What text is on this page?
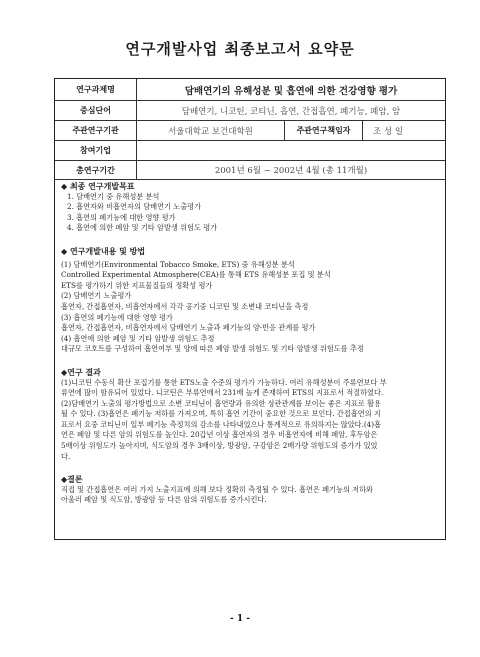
연구개발사업 최종보고서 요약문
연구과제명	담배연기의 유해성분 및 흡연에 의한 건강영향 평가
중심단어	담배연기, 니코틴, 코티닌, 흡연, 간접흡연, 폐기능, 폐암, 암
주관연구기관	서울대학교 보건대학원	주관연구책임자	조 성 일
참여기업
총연구기간	2001년 6월 ~ 2002년 4월 (총 11개월)
◆ 최종 연구개발목표
1. 담배연기 중 유해성분 분석
2. 흡연자와 비흡연자의 담배연기 노출평가
3. 흡연의 폐기능에 대한 영향 평가
4. 흡연에 의한 폐암 및 기타 암발생 위험도 평가
◆ 연구개발내용 및 방법
(1) 담배연기(Environmental Tobacco Smoke, ETS) 중 유해성분 분석
Controlled Experimental Atmosphere(CEA)를 통해 ETS 유해성분 포집 및 분석
ETS를 평가하기 위한 지표물질들의 정확성 평가
(2) 담배연기 노출평가
흡연자, 간접흡연자, 비흡연자에서 각각 공기중 니코틴 및 소변내 코티닌을 측정
(3) 흡연의 폐기능에 대한 영향 평가
흡연자, 간접흡연자, 비흡연자에서 담배연기 노출과 폐기능의 양-반응 관계를 평가
(4) 흡연에 의한 폐암 및 기타 암발생 위험도 추정
대규모 코호트를 구성하여 흡연여부 및 양에 따른 폐암 발생 위험도 및 기타 암발생 위험도를 추정
◆연구 결과
(1)니코틴 수동식 확산 포집기를 통한 ETS노출 수준의 평가가 가능하다. 여러 유해성분이 주류연보다 부
류연에 많이 함유되어 있었다. 니코틴은 부류연에서 231배 높게 존재하여 ETS의 지표로서 적절하였다.
(2)담배연기 노출의 평가방법으로 소변 코티닌이 흡연량과 유의한 상관관계를 보이는 좋은 지표로 활용
될 수 있다. (3)흡연은 폐기능 저하를 가져오며, 특히 흡연 기간이 중요한 것으로 보인다. 간접흡연의 지
표로서 요중 코티닌이 일부 폐기능 측정치의 감소를 나타내었으나 통계적으로 유의하지는 않았다.(4)흡
연은 폐암 및 다른 암의 위험도를 높인다. 20갑년 이상 흡연자의 경우 비흡연자에 비해 폐암, 후두암은
5배이상 위험도가 높아지며, 식도암의 경우 3배이상, 방광암, 구강암은 2배가량 위험도의 증가가 있었
다.
◆결론
직접 및 간접흡연은 여러 가지 노출지표에 의해 보다 정확히 측정될 수 있다. 흡연은 폐기능의 저하와
아울러 폐암 및 식도암, 방광암 등 다른 암의 위험도를 증가시킨다.
- 1 -
